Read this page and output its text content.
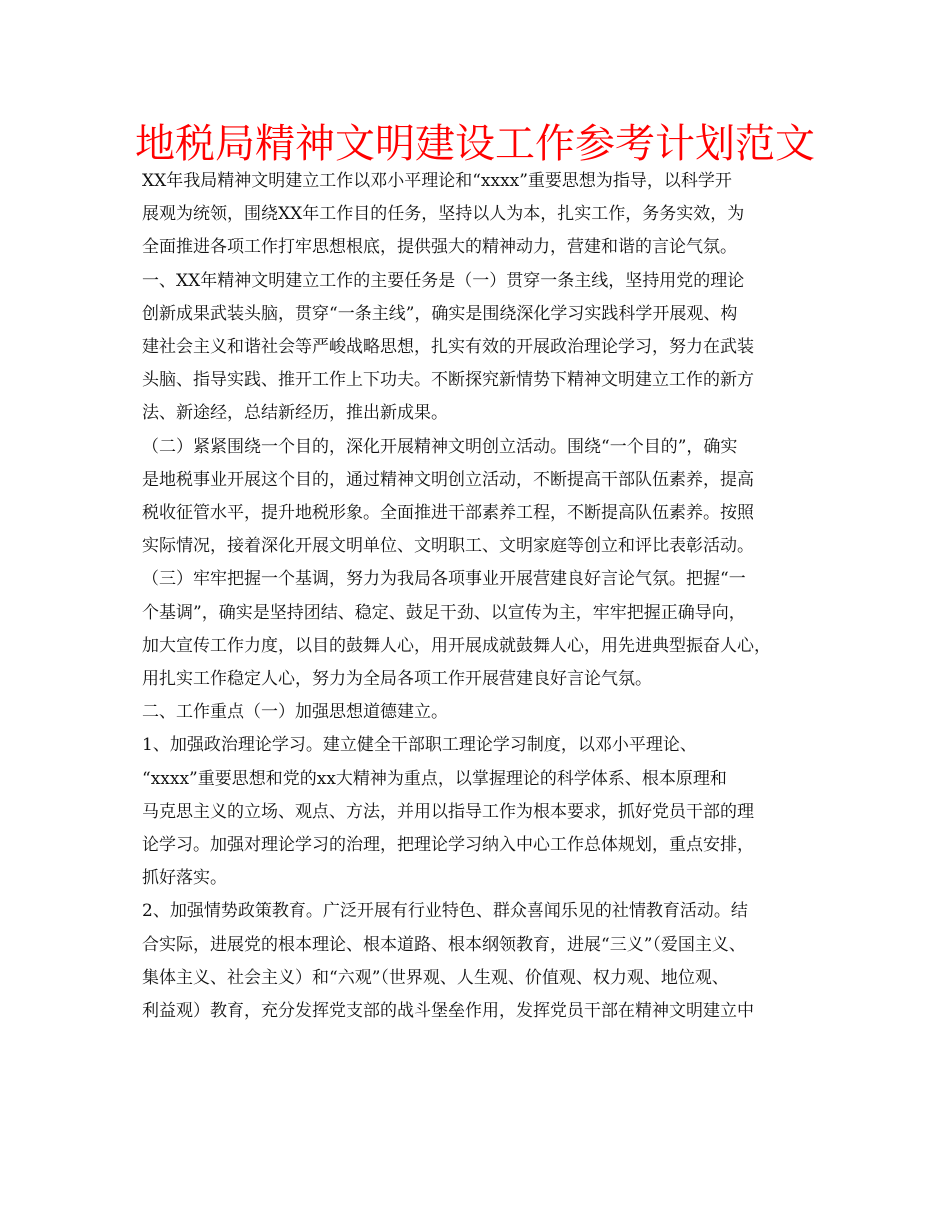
地税局精神文明建设工作参考计划范文

XX年我局精神文明建立工作以邓小平理论和“xxxx”重要思想为指导，以科学开
展观为统领，围绕XX年工作目的任务，坚持以人为本，扎实工作，务务实效，为
全面推进各项工作打牢思想根底，提供强大的精神动力，营建和谐的言论气氛。

一、XX年精神文明建立工作的主要任务是（一）贯穿一条主线，坚持用党的理论
创新成果武装头脑，贯穿“一条主线”，确实是围绕深化学习实践科学开展观、构
建社会主义和谐社会等严峻战略思想，扎实有效的开展政治理论学习，努力在武装
头脑、指导实践、推开工作上下功夫。不断探究新情势下精神文明建立工作的新方
法、新途经，总结新经历，推出新成果。

（二）紧紧围绕一个目的，深化开展精神文明创立活动。围绕“一个目的”，确实
是地税事业开展这个目的，通过精神文明创立活动，不断提高干部队伍素养，提高
税收征管水平，提升地税形象。全面推进干部素养工程，不断提高队伍素养。按照
实际情况，接着深化开展文明单位、文明职工、文明家庭等创立和评比表彰活动。

（三）牢牢把握一个基调，努力为我局各项事业开展营建良好言论气氛。把握“一
个基调”，确实是坚持团结、稳定、鼓足干劲、以宣传为主，牢牢把握正确导向，
加大宣传工作力度，以目的鼓舞人心，用开展成就鼓舞人心，用先进典型振奋人心，
用扎实工作稳定人心，努力为全局各项工作开展营建良好言论气氛。

二、工作重点（一）加强思想道德建立。

1、加强政治理论学习。建立健全干部职工理论学习制度，以邓小平理论、
“xxxx”重要思想和党的xx大精神为重点，以掌握理论的科学体系、根本原理和
马克思主义的立场、观点、方法，并用以指导工作为根本要求，抓好党员干部的理
论学习。加强对理论学习的治理，把理论学习纳入中心工作总体规划，重点安排，
抓好落实。

2、加强情势政策教育。广泛开展有行业特色、群众喜闻乐见的社情教育活动。结
合实际，进展党的根本理论、根本道路、根本纲领教育，进展“三义”（爱国主义、
集体主义、社会主义）和“六观”（世界观、人生观、价值观、权力观、地位观、
利益观）教育，充分发挥党支部的战斗堡垒作用，发挥党员干部在精神文明建立中
